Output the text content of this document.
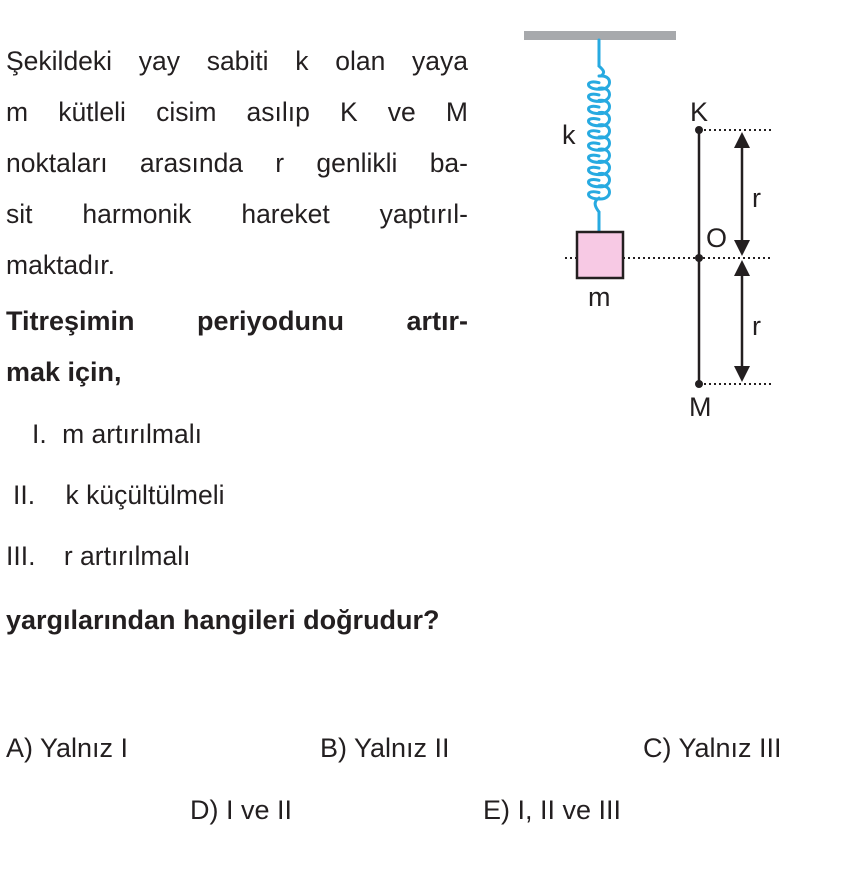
Şekildeki yay sabiti k olan yaya
m kütleli cisim asılıp K ve M
noktaları arasında r genlikli ba-
sit harmonik hareket yaptırıl-
maktadır.
Titreşimin periyodunu artır-
mak için,
I. m artırılmalı
II. k küçültülmeli
III. r artırılmalı
yargılarından hangileri doğrudur?
A) Yalnız I	B) Yalnız II	C) Yalnız III
D) I ve II	E) I, II ve III
k
m
K
O
M
r
r
